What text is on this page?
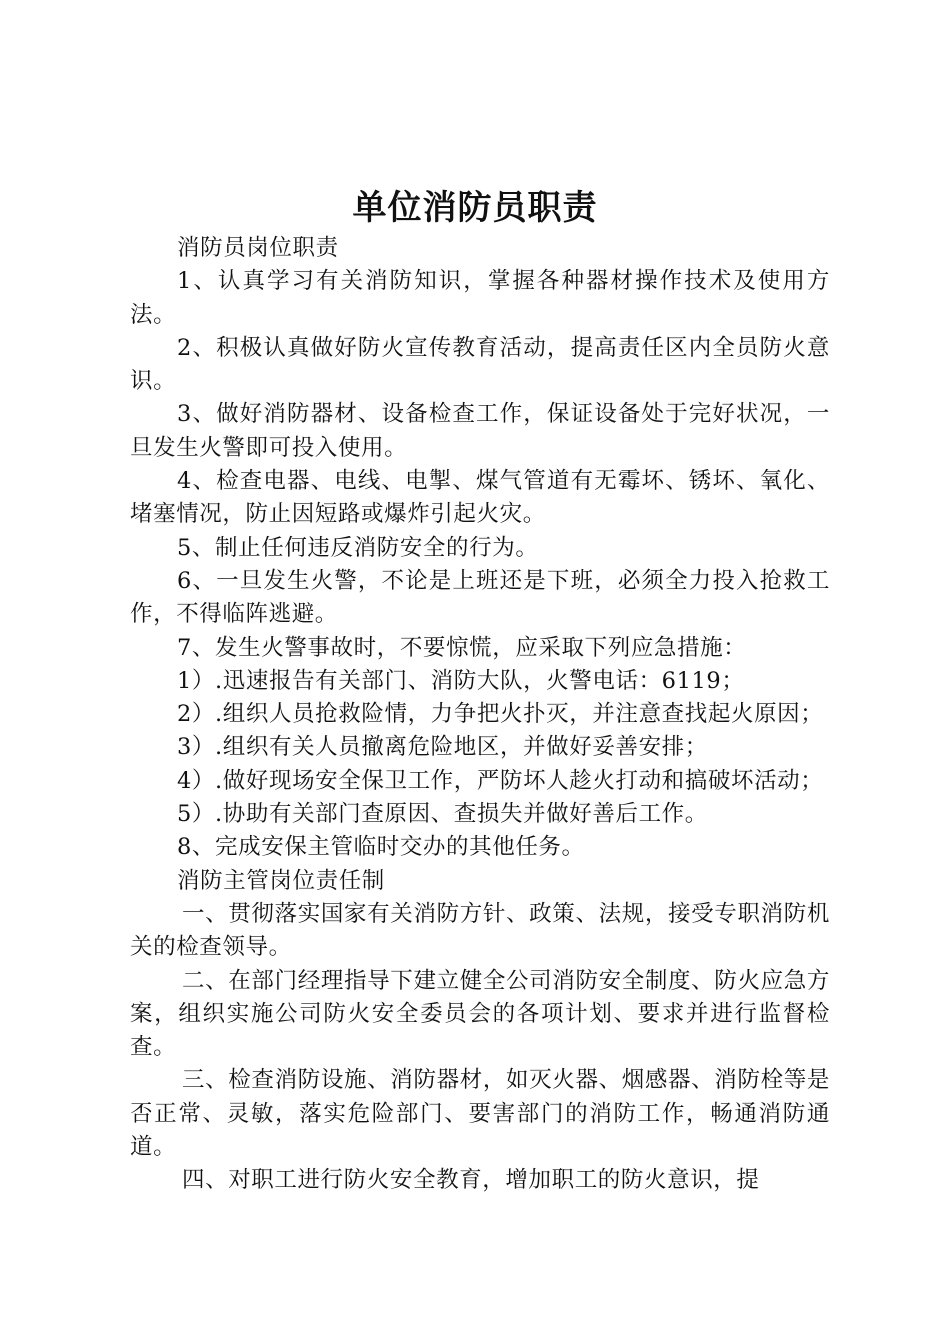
单位消防员职责

消防员岗位职责

1、认真学习有关消防知识，掌握各种器材操作技术及使用方法。

2、积极认真做好防火宣传教育活动，提高责任区内全员防火意识。

3、做好消防器材、设备检查工作，保证设备处于完好状况，一旦发生火警即可投入使用。

4、检查电器、电线、电掣、煤气管道有无霉坏、锈坏、氧化、堵塞情况，防止因短路或爆炸引起火灾。

5、制止任何违反消防安全的行为。

6、一旦发生火警，不论是上班还是下班，必须全力投入抢救工作，不得临阵逃避。

7、发生火警事故时，不要惊慌，应采取下列应急措施：

1）.迅速报告有关部门、消防大队，火警电话：6119；

2）.组织人员抢救险情，力争把火扑灭，并注意查找起火原因；

3）.组织有关人员撤离危险地区，并做好妥善安排；

4）.做好现场安全保卫工作，严防坏人趁火打动和搞破坏活动；

5）.协助有关部门查原因、查损失并做好善后工作。

8、完成安保主管临时交办的其他任务。

消防主管岗位责任制

一、贯彻落实国家有关消防方针、政策、法规，接受专职消防机关的检查领导。

二、在部门经理指导下建立健全公司消防安全制度、防火应急方案，组织实施公司防火安全委员会的各项计划、要求并进行监督检查。

三、检查消防设施、消防器材，如灭火器、烟感器、消防栓等是否正常、灵敏，落实危险部门、要害部门的消防工作，畅通消防通道。

四、对职工进行防火安全教育，增加职工的防火意识，提
